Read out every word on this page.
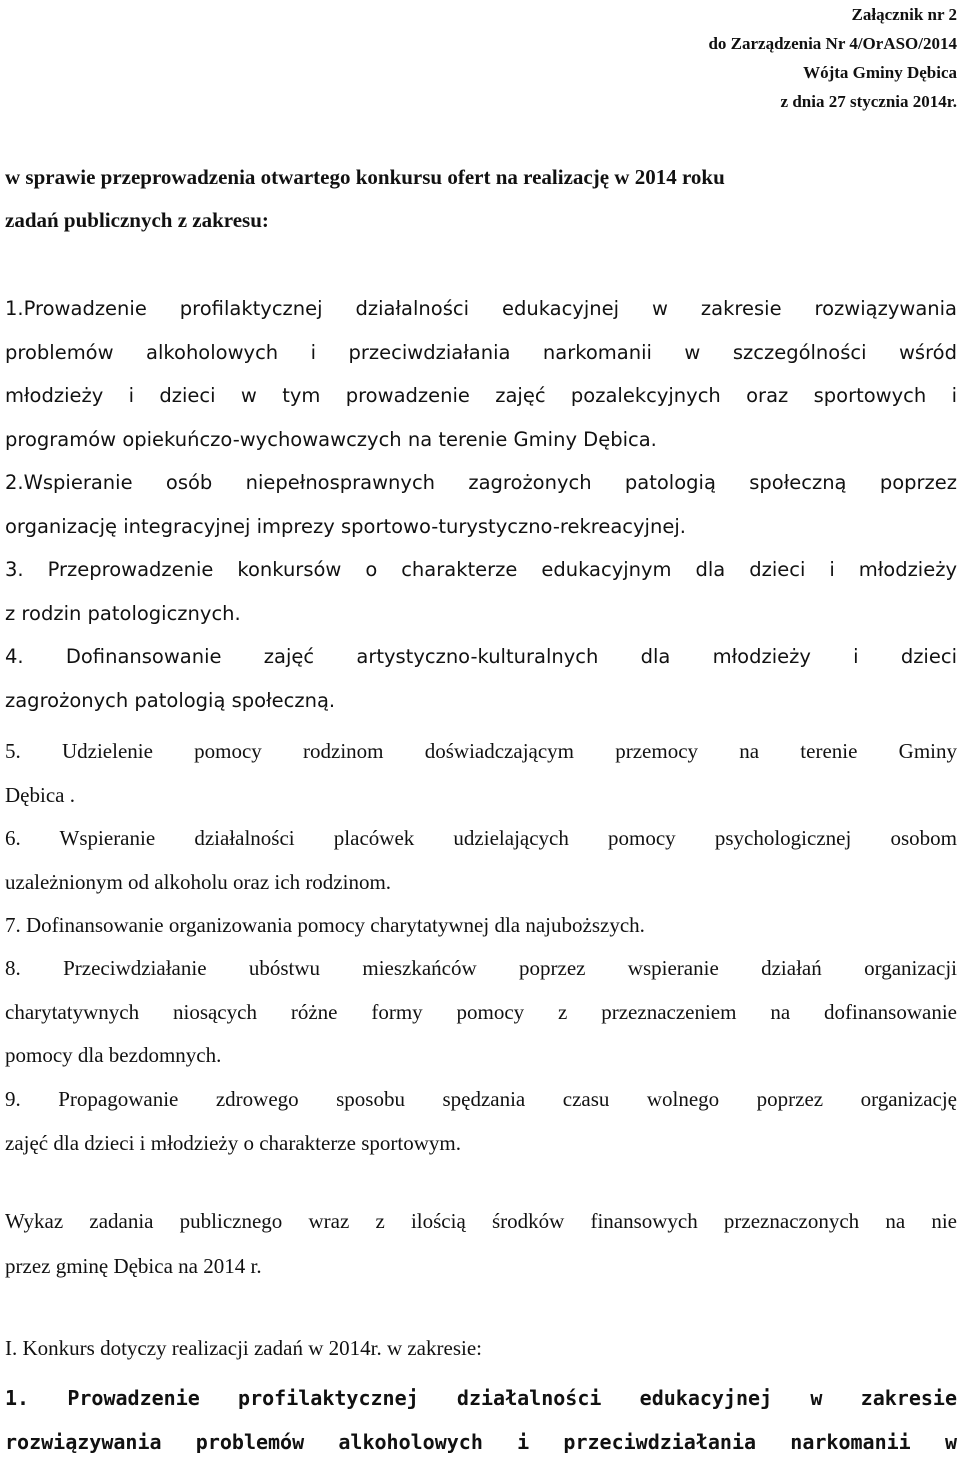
Załącznik nr 2
do Zarządzenia Nr 4/OrASO/2014
Wójta Gminy Dębica
z dnia 27 stycznia 2014r.
w sprawie przeprowadzenia otwartego konkursu ofert na realizację w 2014 roku
zadań publicznych z zakresu:
1.Prowadzenie profilaktycznej działalności edukacyjnej w zakresie rozwiązywania
problemów alkoholowych i przeciwdziałania narkomanii w szczególności wśród
młodzieży i dzieci w tym prowadzenie zajęć pozalekcyjnych oraz sportowych i
programów opiekuńczo-wychowawczych na terenie Gminy Dębica.
2.Wspieranie osób niepełnosprawnych zagrożonych patologią społeczną poprzez
organizację integracyjnej imprezy sportowo-turystyczno-rekreacyjnej.
3. Przeprowadzenie konkursów o charakterze edukacyjnym dla dzieci i młodzieży
z rodzin patologicznych.
4. Dofinansowanie zajęć artystyczno-kulturalnych dla młodzieży i dzieci
zagrożonych patologią społeczną.
5. Udzielenie pomocy rodzinom doświadczającym przemocy na terenie Gminy
Dębica .
6. Wspieranie działalności placówek udzielających pomocy psychologicznej osobom
uzależnionym od alkoholu oraz ich rodzinom.
7. Dofinansowanie organizowania pomocy charytatywnej dla najuboższych.
8. Przeciwdziałanie ubóstwu mieszkańców poprzez wspieranie działań organizacji
charytatywnych niosących różne formy pomocy z przeznaczeniem na dofinansowanie
pomocy dla bezdomnych.
9. Propagowanie zdrowego sposobu spędzania czasu wolnego poprzez organizację
zajęć dla dzieci i młodzieży o charakterze sportowym.
Wykaz zadania publicznego wraz z ilością środków finansowych przeznaczonych na nie
przez gminę Dębica na 2014 r.
I. Konkurs dotyczy realizacji zadań w 2014r. w zakresie:
1. Prowadzenie profilaktycznej działalności edukacyjnej w zakresie
rozwiązywania problemów alkoholowych i przeciwdziałania narkomanii w
